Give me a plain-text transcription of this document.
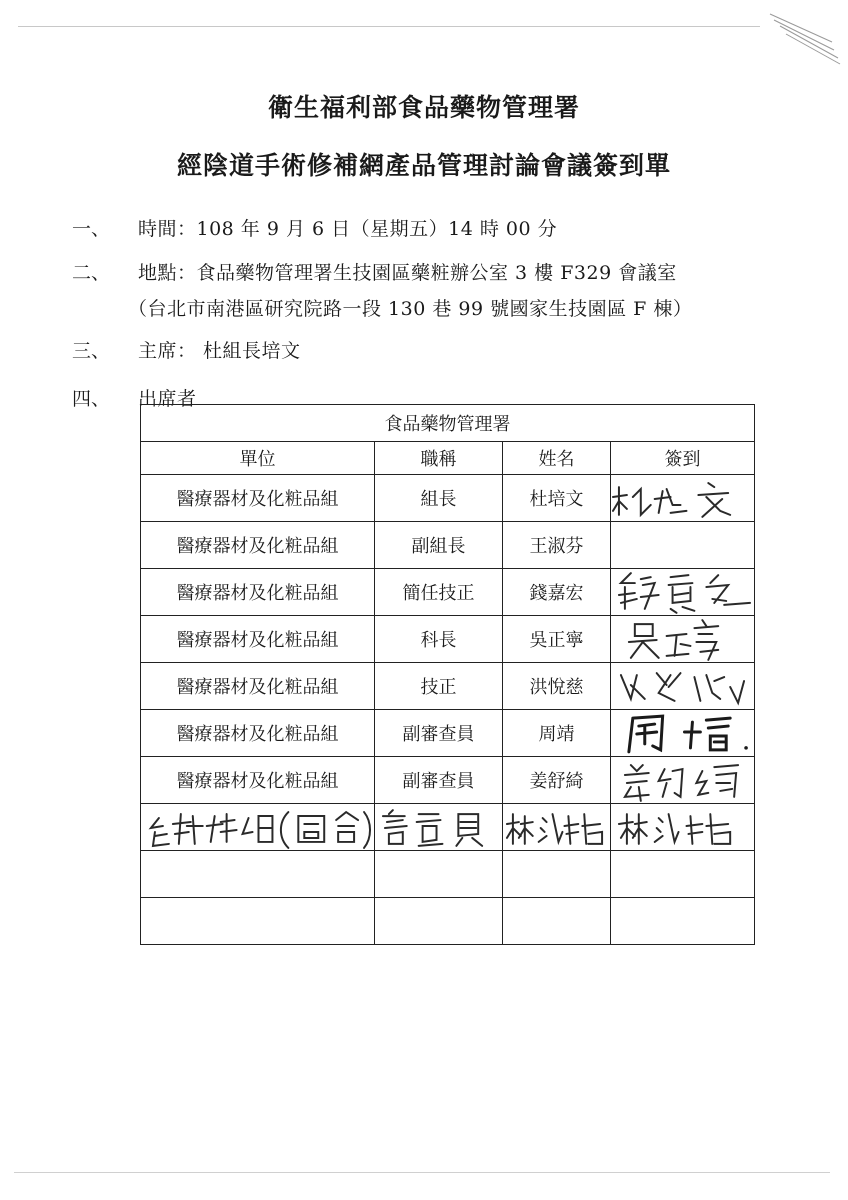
衛生福利部食品藥物管理署
經陰道手術修補網產品管理討論會議簽到單
一、 時間：108 年 9 月 6 日（星期五）14 時 00 分
二、 地點：食品藥物管理署生技園區藥粧辦公室 3 樓 F329 會議室
（台北市南港區研究院路一段 130 巷 99 號國家生技園區 F 棟）
三、 主席： 杜組長培文
四、 出席者
食品藥物管理署			
單位	職稱	姓名	簽到
醫療器材及化粧品組	組長	杜培文	

醫療器材及化粧品組	副組長	王淑芬	
醫療器材及化粧品組	簡任技正	錢嘉宏	

醫療器材及化粧品組	科長	吳正寧	

醫療器材及化粧品組	技正	洪悅慈	

醫療器材及化粧品組	副審查員	周靖	

醫療器材及化粧品組	副審查員	姜舒綺	
